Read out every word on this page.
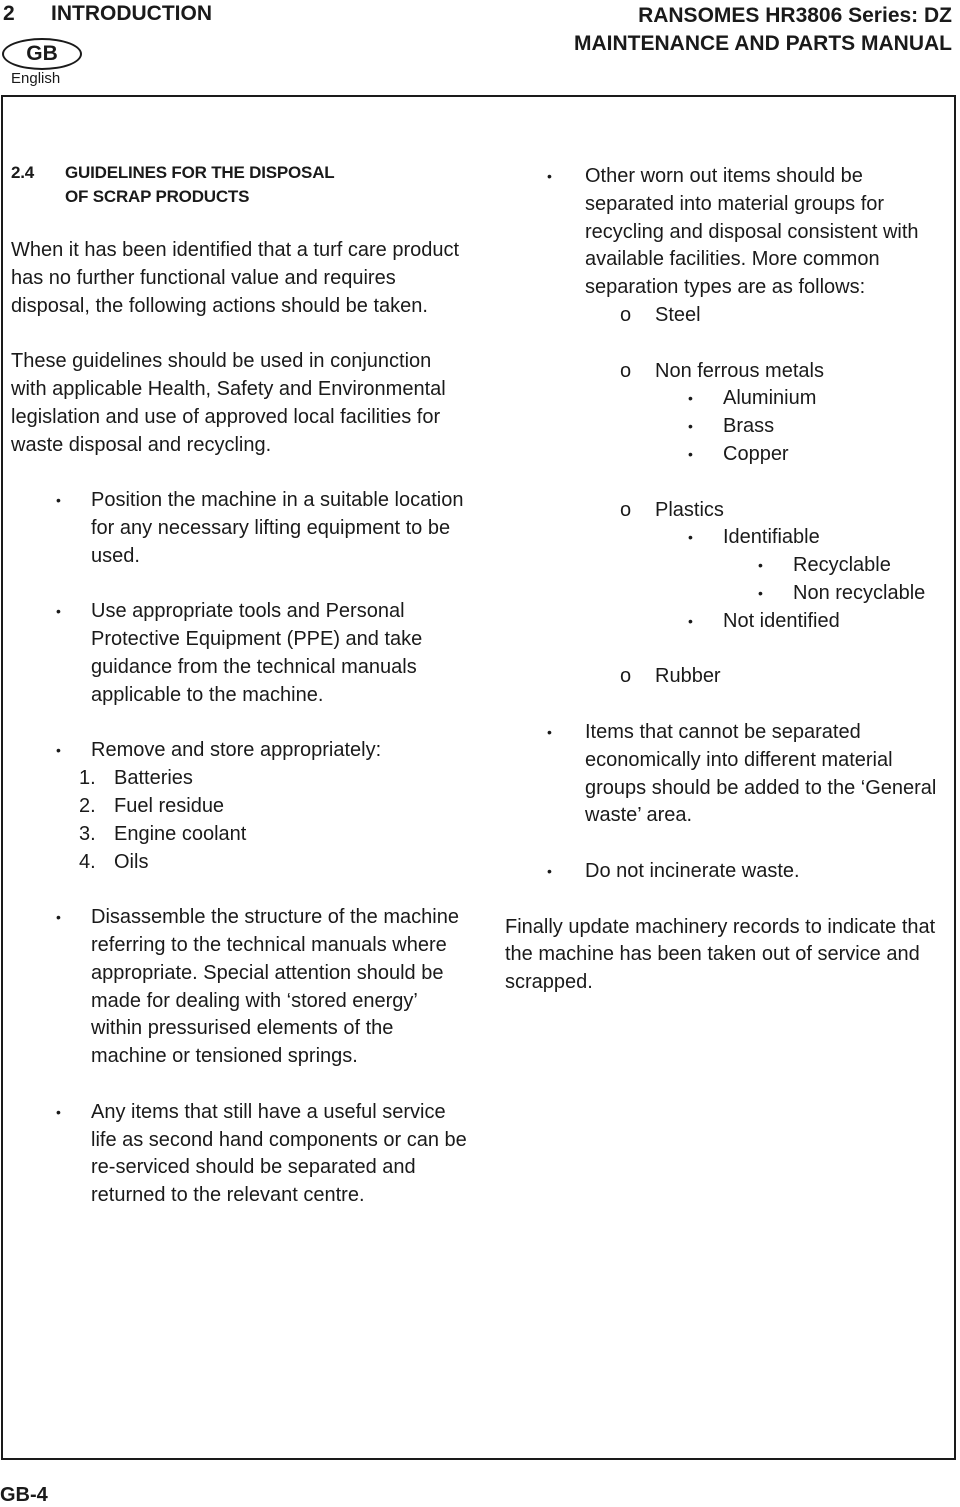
2 INTRODUCTION	RANSOMES HR3806 Series: DZ
MAINTENANCE AND PARTS MANUAL
GB
English
2.4	GUIDELINES FOR THE DISPOSAL
OF SCRAP PRODUCTS

When it has been identified that a turf care product has no further functional value and requires disposal, the following actions should be taken.

These guidelines should be used in conjunction with applicable Health, Safety and Environmental legislation and use of approved local facilities for waste disposal and recycling.

• Position the machine in a suitable location for any necessary lifting equipment to be used.
• Use appropriate tools and Personal Protective Equipment (PPE) and take guidance from the technical manuals applicable to the machine.
• Remove and store appropriately:
1. Batteries
2. Fuel residue
3. Engine coolant
4. Oils
• Disassemble the structure of the machine referring to the technical manuals where appropriate. Special attention should be made for dealing with ‘stored energy’ within pressurised elements of the machine or tensioned springs.
• Any items that still have a useful service life as second hand components or can be re-serviced should be separated and returned to the relevant centre.
• Other worn out items should be separated into material groups for recycling and disposal consistent with available facilities. More common separation types are as follows:
o Steel
o Non ferrous metals
• Aluminium
• Brass
• Copper
o Plastics
• Identifiable
• Recyclable
• Non recyclable
• Not identified
o Rubber
• Items that cannot be separated economically into different material groups should be added to the ‘General waste’ area.
• Do not incinerate waste.

Finally update machinery records to indicate that the machine has been taken out of service and scrapped.

GB-4
